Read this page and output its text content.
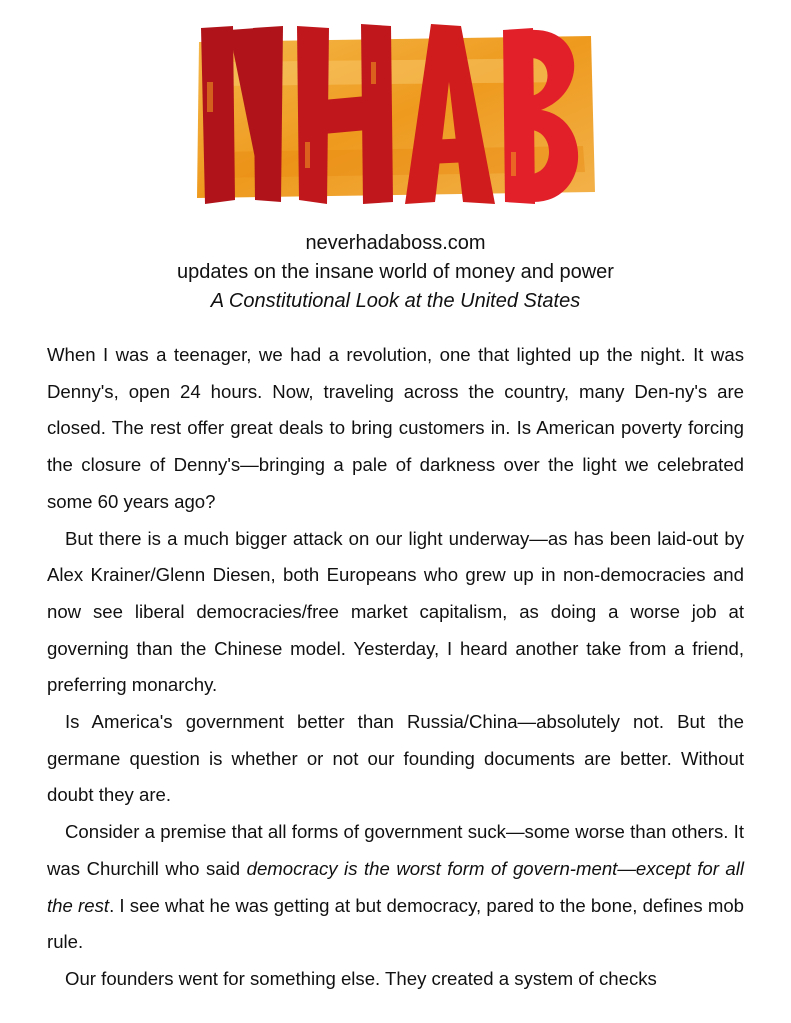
neverhadaboss.com
updates on the insane world of money and power
A Constitutional Look at the United States

When I was a teenager, we had a revolution, one that lighted up the night. It was Denny's, open 24 hours. Now, traveling across the country, many Den-ny's are closed. The rest offer great deals to bring customers in. Is American poverty forcing the closure of Denny's—bringing a pale of darkness over the light we celebrated some 60 years ago?

But there is a much bigger attack on our light underway—as has been laid-out by Alex Krainer/Glenn Diesen, both Europeans who grew up in non-democracies and now see liberal democracies/free market capitalism, as doing a worse job at governing than the Chinese model. Yesterday, I heard another take from a friend, preferring monarchy.

Is America's government better than Russia/China—absolutely not. But the germane question is whether or not our founding documents are better. Without doubt they are.

Consider a premise that all forms of government suck—some worse than others. It was Churchill who said democracy is the worst form of govern-ment—except for all the rest. I see what he was getting at but democracy, pared to the bone, defines mob rule.

Our founders went for something else. They created a system of checks
